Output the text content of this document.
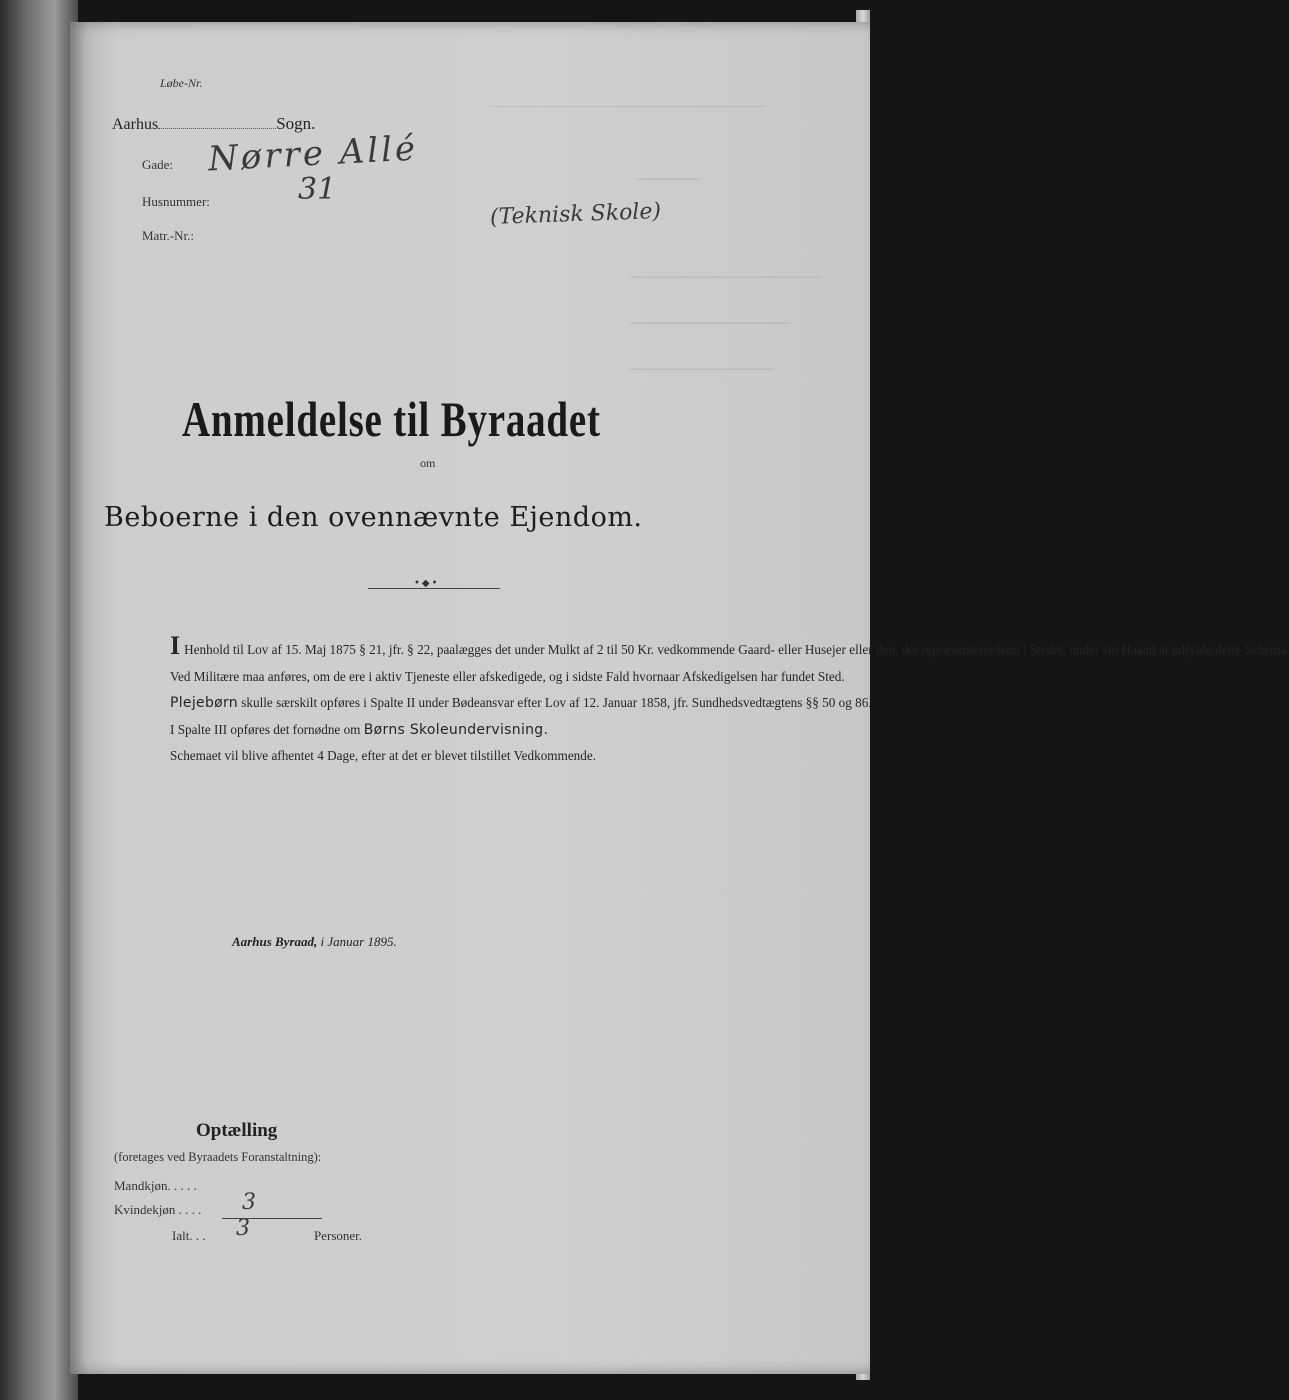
—————————————————————————
————
————————————
——————————
—————————
Løbe-Nr.
Aarhus	Sogn.
Gade: Nørre Allé
Husnummer:	31
Matr.-Nr.:
(Teknisk Skole)
Anmeldelse til Byraadet
om
Beboerne i den ovennævnte Ejendom.
•◆•

I Henhold til Lov af 15. Maj 1875 § 21, jfr. § 22, paalægges det under Mulkt af 2 til 50 Kr. vedkommende Gaard- eller Husejer eller den, der repræsenterer ham i Stedet, under sin Haand at udfylde dette Schema.

Ved Militære maa anføres, om de ere i aktiv Tjeneste eller afskedigede, og i sidste Fald hvornaar Afskedigelsen har fundet Sted.

Plejebørn skulle særskilt opføres i Spalte II under Bødeansvar efter Lov af 12. Januar 1858, jfr. Sundhedsvedtægtens §§ 50 og 86.

I Spalte III opføres det fornødne om Børns Skoleundervisning.

Schemaet vil blive afhentet 4 Dage, efter at det er blevet tilstillet Vedkommende.

Aarhus Byraad, i Januar 1895.
Optælling
(foretages ved Byraadets Foranstaltning):
Mandkjøn. . . . .
Kvindekjøn . . . . 3
Ialt. . . 3	Personer.
